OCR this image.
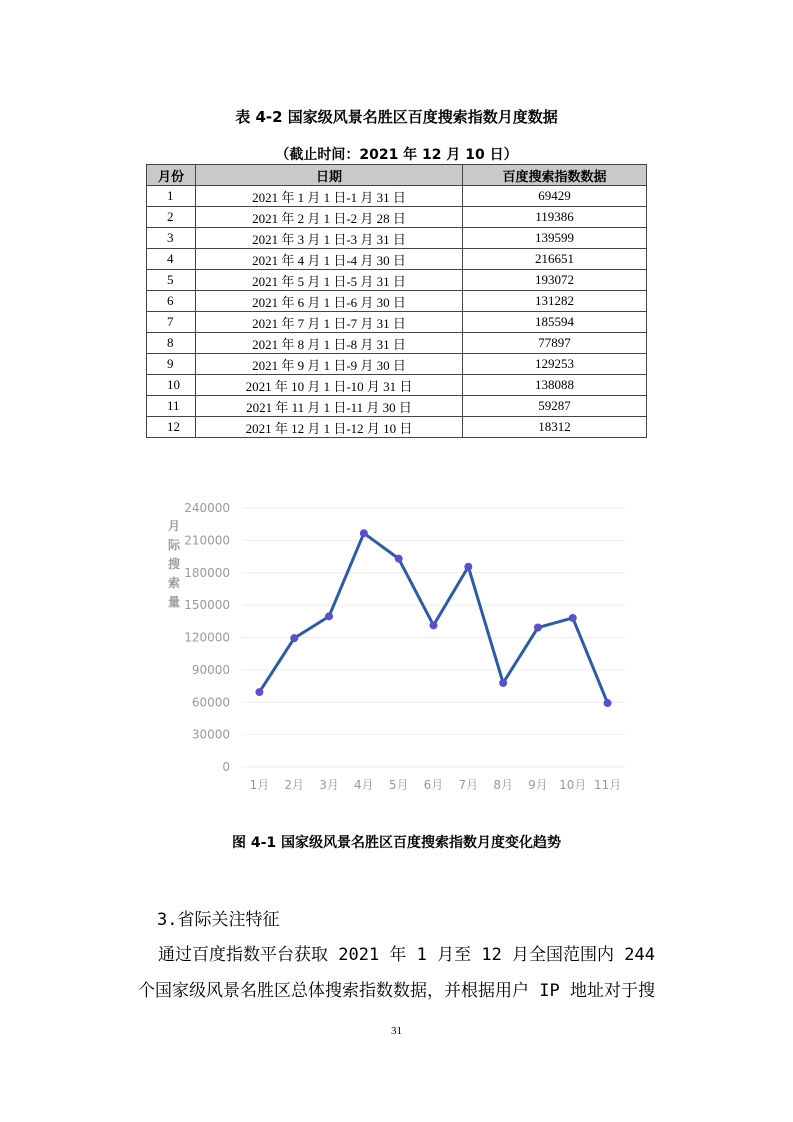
表 4-2 国家级风景名胜区百度搜索指数月度数据
（截止时间：2021 年 12 月 10 日）
月份	日期	百度搜索指数数据
1	2021 年 1 月 1 日-1 月 31 日	69429
2	2021 年 2 月 1 日-2 月 28 日	119386
3	2021 年 3 月 1 日-3 月 31 日	139599
4	2021 年 4 月 1 日-4 月 30 日	216651
5	2021 年 5 月 1 日-5 月 31 日	193072
6	2021 年 6 月 1 日-6 月 30 日	131282
7	2021 年 7 月 1 日-7 月 31 日	185594
8	2021 年 8 月 1 日-8 月 31 日	77897
9	2021 年 9 月 1 日-9 月 30 日	129253
10	2021 年 10 月 1 日-10 月 31 日	138088
11	2021 年 11 月 1 日-11 月 30 日	59287
12	2021 年 12 月 1 日-12 月 10 日	18312
0
30000
60000
90000
120000
150000
180000
210000
240000
月
际
搜
索
量
1月 2月 3月 4月 5月 6月 7月 8月 9月 10月 11月
图 4-1 国家级风景名胜区百度搜索指数月度变化趋势
3.省际关注特征
通过百度指数平台获取 2021 年 1 月至 12 月全国范围内 244
个国家级风景名胜区总体搜索指数数据，并根据用户 IP 地址对于搜
31
